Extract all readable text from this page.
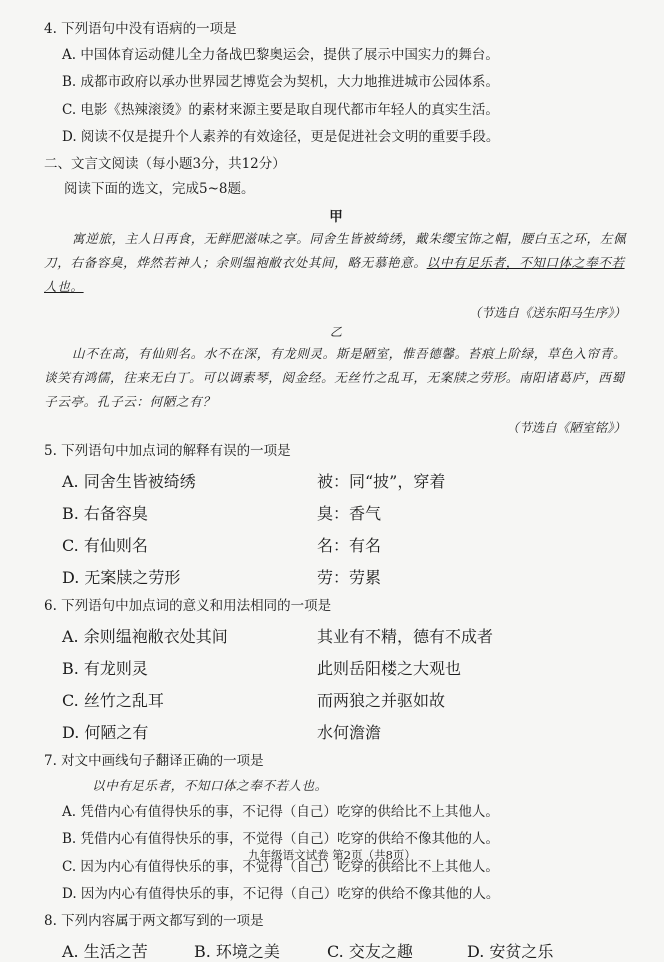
4. 下列语句中没有语病的一项是
A. 中国体育运动健儿全力备战巴黎奥运会，提供了展示中国实力的舞台。
B. 成都市政府以承办世界园艺博览会为契机，大力地推进城市公园体系。
C. 电影《热辣滚烫》的素材来源主要是取自现代都市年轻人的真实生活。
D. 阅读不仅是提升个人素养的有效途径，更是促进社会文明的重要手段。
二、文言文阅读（每小题3分，共12分）
阅读下面的选文，完成5~8题。
甲
寓逆旅，主人日再食，无鲜肥滋味之享。同舍生皆被绮绣，戴朱缨宝饰之帽，腰白玉之环，左佩刀，右备容臭，烨然若神人；余则缊袍敝衣处其间，略无慕艳意。以中有足乐者，不知口体之奉不若人也。
（节选自《送东阳马生序》）
乙
山不在高，有仙则名。水不在深，有龙则灵。斯是陋室，惟吾德馨。苔痕上阶绿，草色入帘青。谈笑有鸿儒，往来无白丁。可以调素琴，阅金经。无丝竹之乱耳，无案牍之劳形。南阳诸葛庐，西蜀子云亭。孔子云：何陋之有？
（节选自《陋室铭》）
5. 下列语句中加点词的解释有误的一项是
A. 同舍生皆被绮绣	被：同“披”，穿着
B. 右备容臭	臭：香气
C. 有仙则名	名：有名
D. 无案牍之劳形	劳：劳累
6. 下列语句中加点词的意义和用法相同的一项是
A. 余则缊袍敝衣处其间	其业有不精，德有不成者
B. 有龙则灵	此则岳阳楼之大观也
C. 丝竹之乱耳	而两狼之并驱如故
D. 何陋之有	水何澹澹
7. 对文中画线句子翻译正确的一项是
以中有足乐者，不知口体之奉不若人也。
A. 凭借内心有值得快乐的事，不记得（自己）吃穿的供给比不上其他人。
B. 凭借内心有值得快乐的事，不觉得（自己）吃穿的供给不像其他的人。
C. 因为内心有值得快乐的事，不觉得（自己）吃穿的供给比不上其他人。
D. 因为内心有值得快乐的事，不记得（自己）吃穿的供给不像其他的人。
8. 下列内容属于两文都写到的一项是
A. 生活之苦	B. 环境之美	C. 交友之趣	D. 安贫之乐
九年级语文试卷 第2页（共8页）
